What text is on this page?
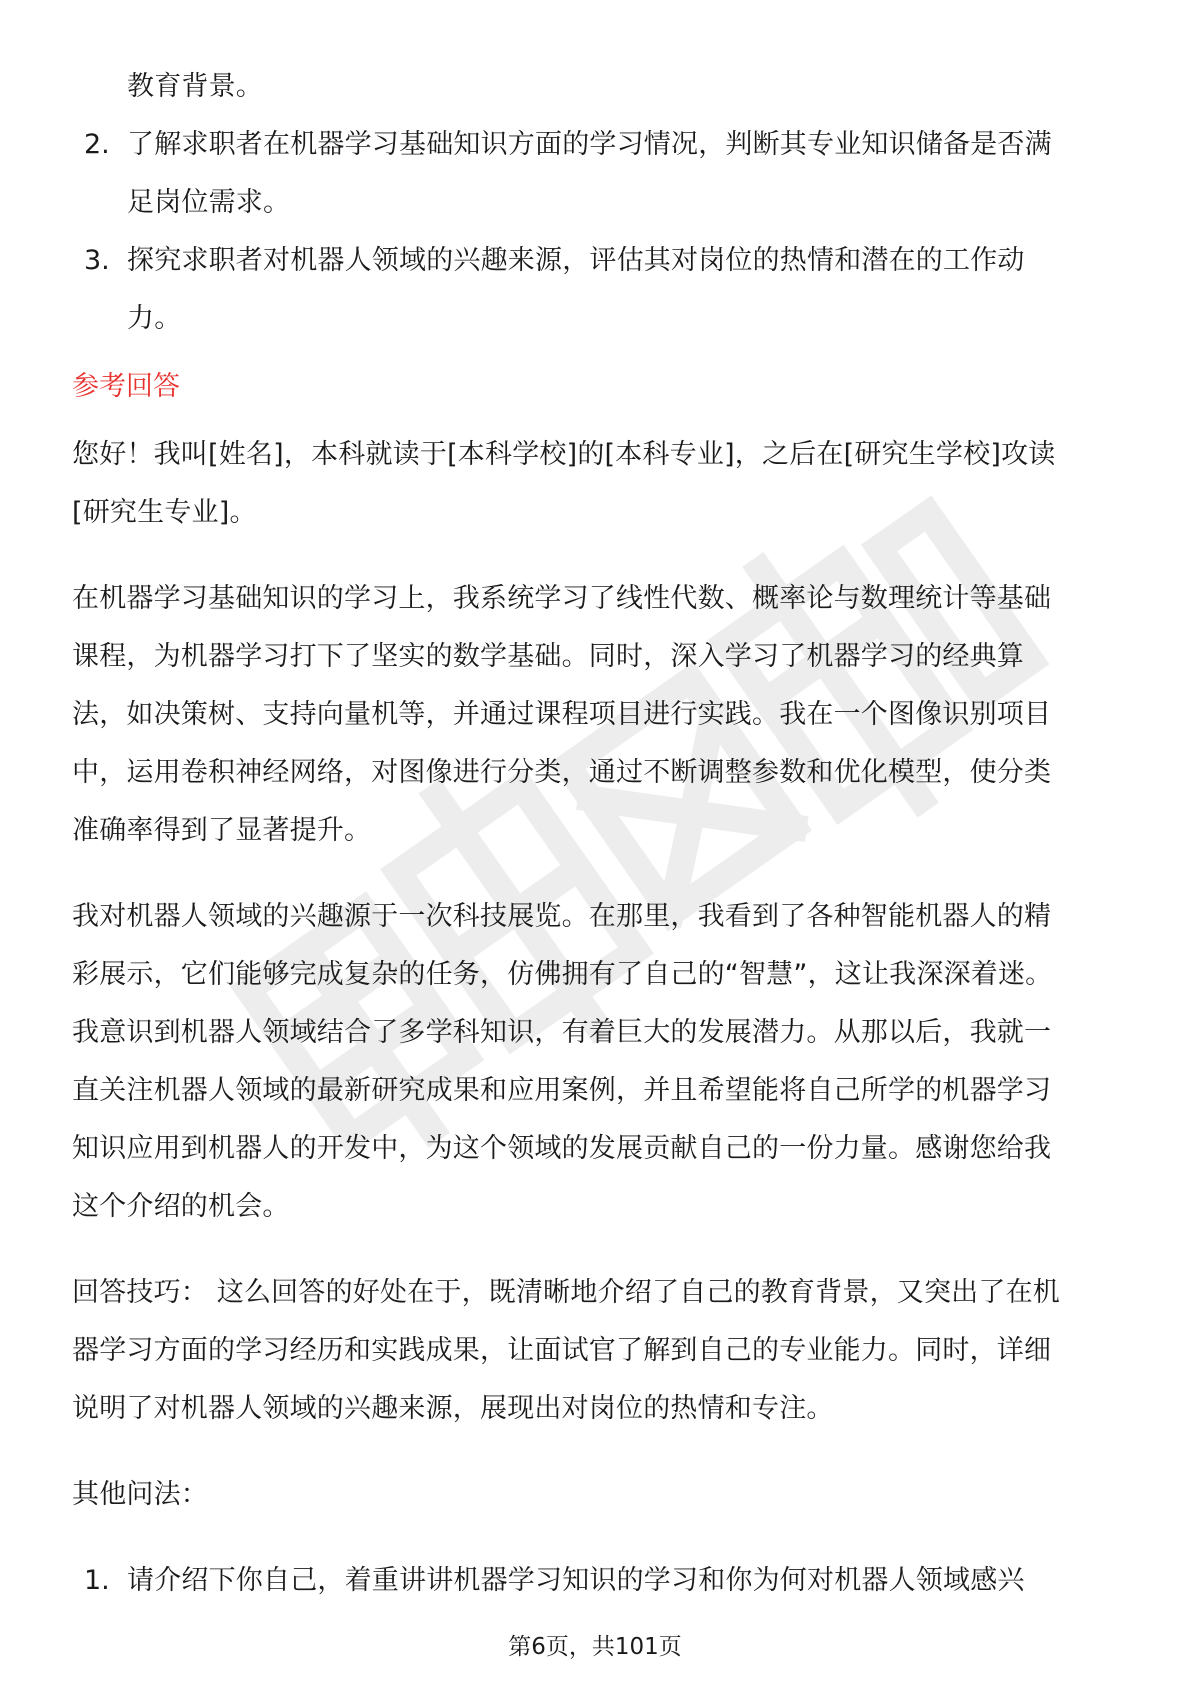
教育背景。
2. 了解求职者在机器学习基础知识方面的学习情况，判断其专业知识储备是否满
足岗位需求。
3. 探究求职者对机器人领域的兴趣来源，评估其对岗位的热情和潜在的工作动
力。
参考回答
您好！我叫[姓名]，本科就读于[本科学校]的[本科专业]，之后在[研究生学校]攻读
[研究生专业]。
在机器学习基础知识的学习上，我系统学习了线性代数、概率论与数理统计等基础
课程，为机器学习打下了坚实的数学基础。同时，深入学习了机器学习的经典算
法，如决策树、支持向量机等，并通过课程项目进行实践。我在一个图像识别项目
中，运用卷积神经网络，对图像进行分类，通过不断调整参数和优化模型，使分类
准确率得到了显著提升。
我对机器人领域的兴趣源于一次科技展览。在那里，我看到了各种智能机器人的精
彩展示，它们能够完成复杂的任务，仿佛拥有了自己的“智慧”，这让我深深着迷。
我意识到机器人领域结合了多学科知识，有着巨大的发展潜力。从那以后，我就一
直关注机器人领域的最新研究成果和应用案例，并且希望能将自己所学的机器学习
知识应用到机器人的开发中，为这个领域的发展贡献自己的一份力量。感谢您给我
这个介绍的机会。
回答技巧： 这么回答的好处在于，既清晰地介绍了自己的教育背景，又突出了在机
器学习方面的学习经历和实践成果，让面试官了解到自己的专业能力。同时，详细
说明了对机器人领域的兴趣来源，展现出对岗位的热情和专注。
其他问法：
1. 请介绍下你自己，着重讲讲机器学习知识的学习和你为何对机器人领域感兴
第6页，共101页
